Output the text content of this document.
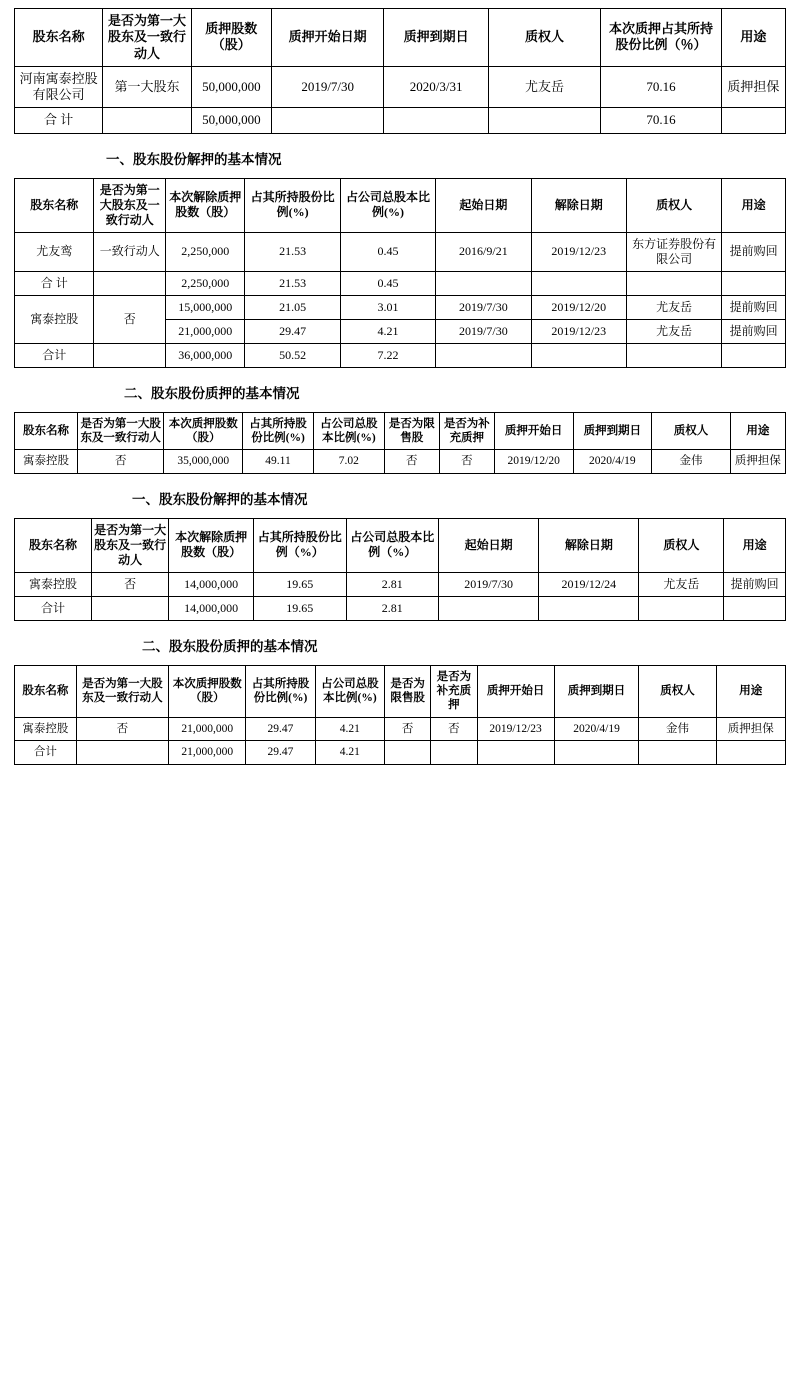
股东名称	是否为第一大股东及一致行动人	质押股数（股）	质押开始日期	质押到期日	质权人	本次质押占其所持股份比例（％）	用途
河南寓泰控股有限公司	第一大股东	50,000,000	2019/7/30	2020/3/31	尤友岳	70.16	质押担保
合 计		50,000,000				70.16	
一、股东股份解押的基本情况
股东名称	是否为第一大股东及一致行动人	本次解除质押股数（股）	占其所持股份比例(%)	占公司总股本比例(%)	起始日期	解除日期	质权人	用途
尤友鸾	一致行动人	2,250,000	21.53	0.45	2016/9/21	2019/12/23	东方证券股份有限公司	提前购回
合 计		2,250,000	21.53	0.45				
寓泰控股	否	15,000,000	21.05	3.01	2019/7/30	2019/12/20	尤友岳	提前购回
		21,000,000	29.47	4.21	2019/7/30	2019/12/23	尤友岳	提前购回
合计		36,000,000	50.52	7.22				
二、股东股份质押的基本情况
股东名称	是否为第一大股东及一致行动人	本次质押股数（股）	占其所持股份比例(%)	占公司总股本比例(%)	是否为限售股	是否为补充质押	质押开始日	质押到期日	质权人	用途
寓泰控股	否	35,000,000	49.11	7.02	否	否	2019/12/20	2020/4/19	金伟	质押担保
一、股东股份解押的基本情况
股东名称	是否为第一大股东及一致行动人	本次解除质押股数（股）	占其所持股份比例（%）	占公司总股本比例（%）	起始日期	解除日期	质权人	用途
寓泰控股	否	14,000,000	19.65	2.81	2019/7/30	2019/12/24	尤友岳	提前购回
合计		14,000,000	19.65	2.81				
二、股东股份质押的基本情况
股东名称	是否为第一大股东及一致行动人	本次质押股数（股）	占其所持股份比例(%)	占公司总股本比例(%)	是否为限售股	是否为补充质押	质押开始日	质押到期日	质权人	用途
寓泰控股	否	21,000,000	29.47	4.21	否	否	2019/12/23	2020/4/19	金伟	质押担保
合计		21,000,000	29.47	4.21						
